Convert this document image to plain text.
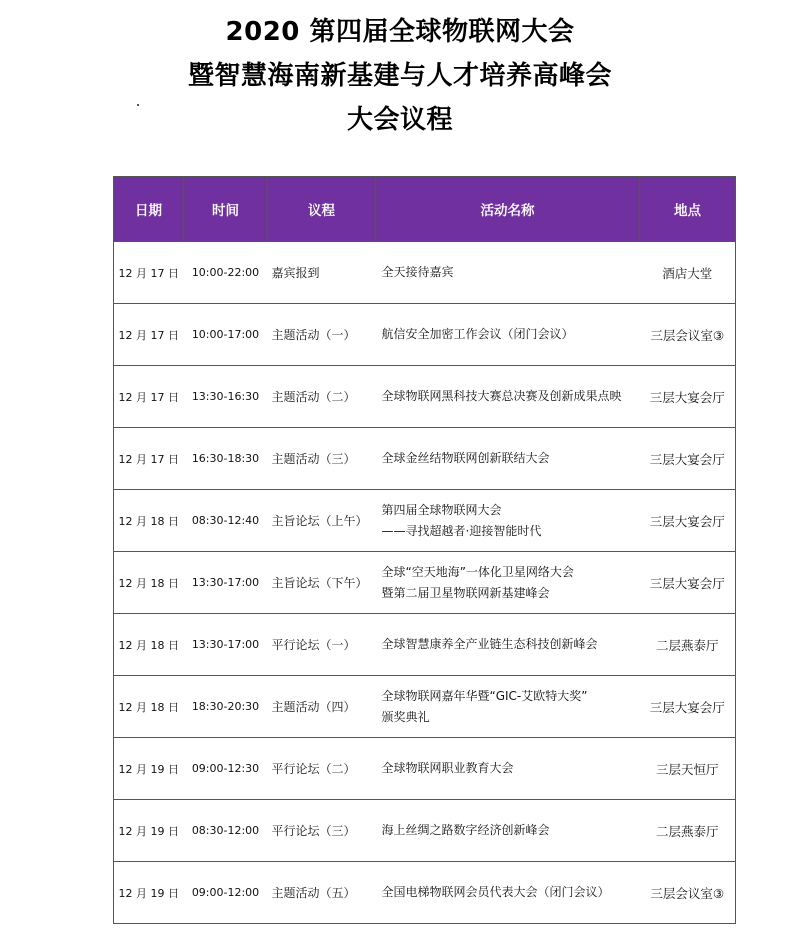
2020 第四届全球物联网大会
暨智慧海南新基建与人才培养高峰会
大会议程
日期	时间	议程	活动名称	地点
12 月 17 日	10:00-22:00	嘉宾报到	全天接待嘉宾	酒店大堂
12 月 17 日	10:00-17:00	主题活动（一）	航信安全加密工作会议（闭门会议）	三层会议室③
12 月 17 日	13:30-16:30	主题活动（二）	全球物联网黑科技大赛总决赛及创新成果点映	三层大宴会厅
12 月 17 日	16:30-18:30	主题活动（三）	全球金丝结物联网创新联结大会	三层大宴会厅
12 月 18 日	08:30-12:40	主旨论坛（上午）	第四届全球物联网大会
——寻找超越者·迎接智能时代	三层大宴会厅
12 月 18 日	13:30-17:00	主旨论坛（下午）	全球“空天地海”一体化卫星网络大会
暨第二届卫星物联网新基建峰会	三层大宴会厅
12 月 18 日	13:30-17:00	平行论坛（一）	全球智慧康养全产业链生态科技创新峰会	二层燕泰厅
12 月 18 日	18:30-20:30	主题活动（四）	全球物联网嘉年华暨“GIC-艾欧特大奖”
颁奖典礼	三层大宴会厅
12 月 19 日	09:00-12:30	平行论坛（二）	全球物联网职业教育大会	三层天恒厅
12 月 19 日	08:30-12:00	平行论坛（三）	海上丝绸之路数字经济创新峰会	二层燕泰厅
12 月 19 日	09:00-12:00	主题活动（五）	全国电梯物联网会员代表大会（闭门会议）	三层会议室③
